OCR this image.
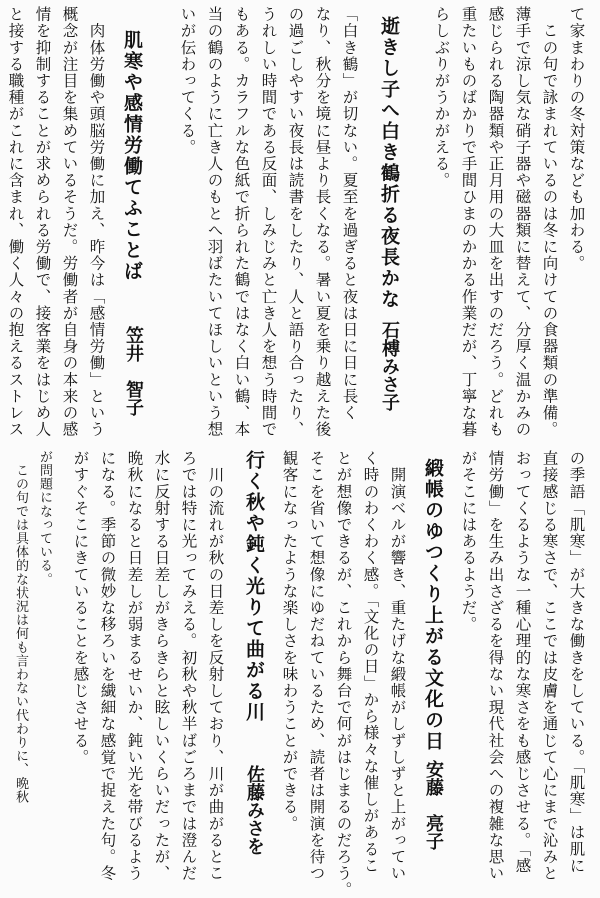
て家まわりの冬対策なども加わる。
　この句で詠まれているのは冬に向けての食器類の準備。
薄手で涼し気な硝子器や磁器類に替えて、分厚く温かみの
感じられる陶器類や正月用の大皿を出すのだろう。どれも
重たいものばかりで手間ひまのかかる作業だが、丁寧な暮
らしぶりがうかがえる。
逝きし子へ白き鶴折る夜長かな
石榑みさ子
「白き鶴」が切ない。夏至を過ぎると夜は日に日に長く
なり、秋分を境に昼より長くなる。暑い夏を乗り越えた後
の過ごしやすい夜長は読書をしたり、人と語り合ったり、
うれしい時間である反面、しみじみと亡き人を想う時間で
もある。カラフルな色紙で折られた鶴ではなく白い鶴、本
当の鶴のように亡き人のもとへ羽ばたいてほしいという想
いが伝わってくる。
肌寒や感情労働てふことば
笠井　智子
　肉体労働や頭脳労働に加え、昨今は「感情労働」という
概念が注目を集めているそうだ。労働者が自身の本来の感
情を抑制することが求められる労働で、接客業をはじめ人
と接する職種がこれに含まれ、働く人々の抱えるストレス
の季語「肌寒」が大きな働きをしている。「肌寒」は肌に
直接感じる寒さで、ここでは皮膚を通じて心にまで沁みと
おってくるような一種心理的な寒さをも感じさせる。「感
情労働」を生み出さざるを得ない現代社会への複雑な思い
がそこにはあるようだ。
緞帳のゆつくり上がる文化の日
安藤　亮子
　開演ベルが響き、重たげな緞帳がしずしずと上がってい
く時のわくわく感。「文化の日」から様々な催しがあるこ
とが想像できるが、これから舞台で何がはじまるのだろう。
そこを省いて想像にゆだねているため、読者は開演を待つ
観客になったような楽しさを味わうことができる。
行く秋や鈍く光りて曲がる川
佐藤みさを
　川の流れが秋の日差しを反射しており、川が曲がるとこ
ろでは特に光ってみえる。初秋や秋半ばごろまでは澄んだ
水に反射する日差しがきらきらと眩しいくらいだったが、
晩秋になると日差しが弱まるせいか、鈍い光を帯びるよう
になる。季節の微妙な移ろいを繊細な感覚で捉えた句。冬
がすぐそこにきていることを感じさせる。
が問題になっている。
　この句では具体的な状況は何も言わない代わりに、晩秋
